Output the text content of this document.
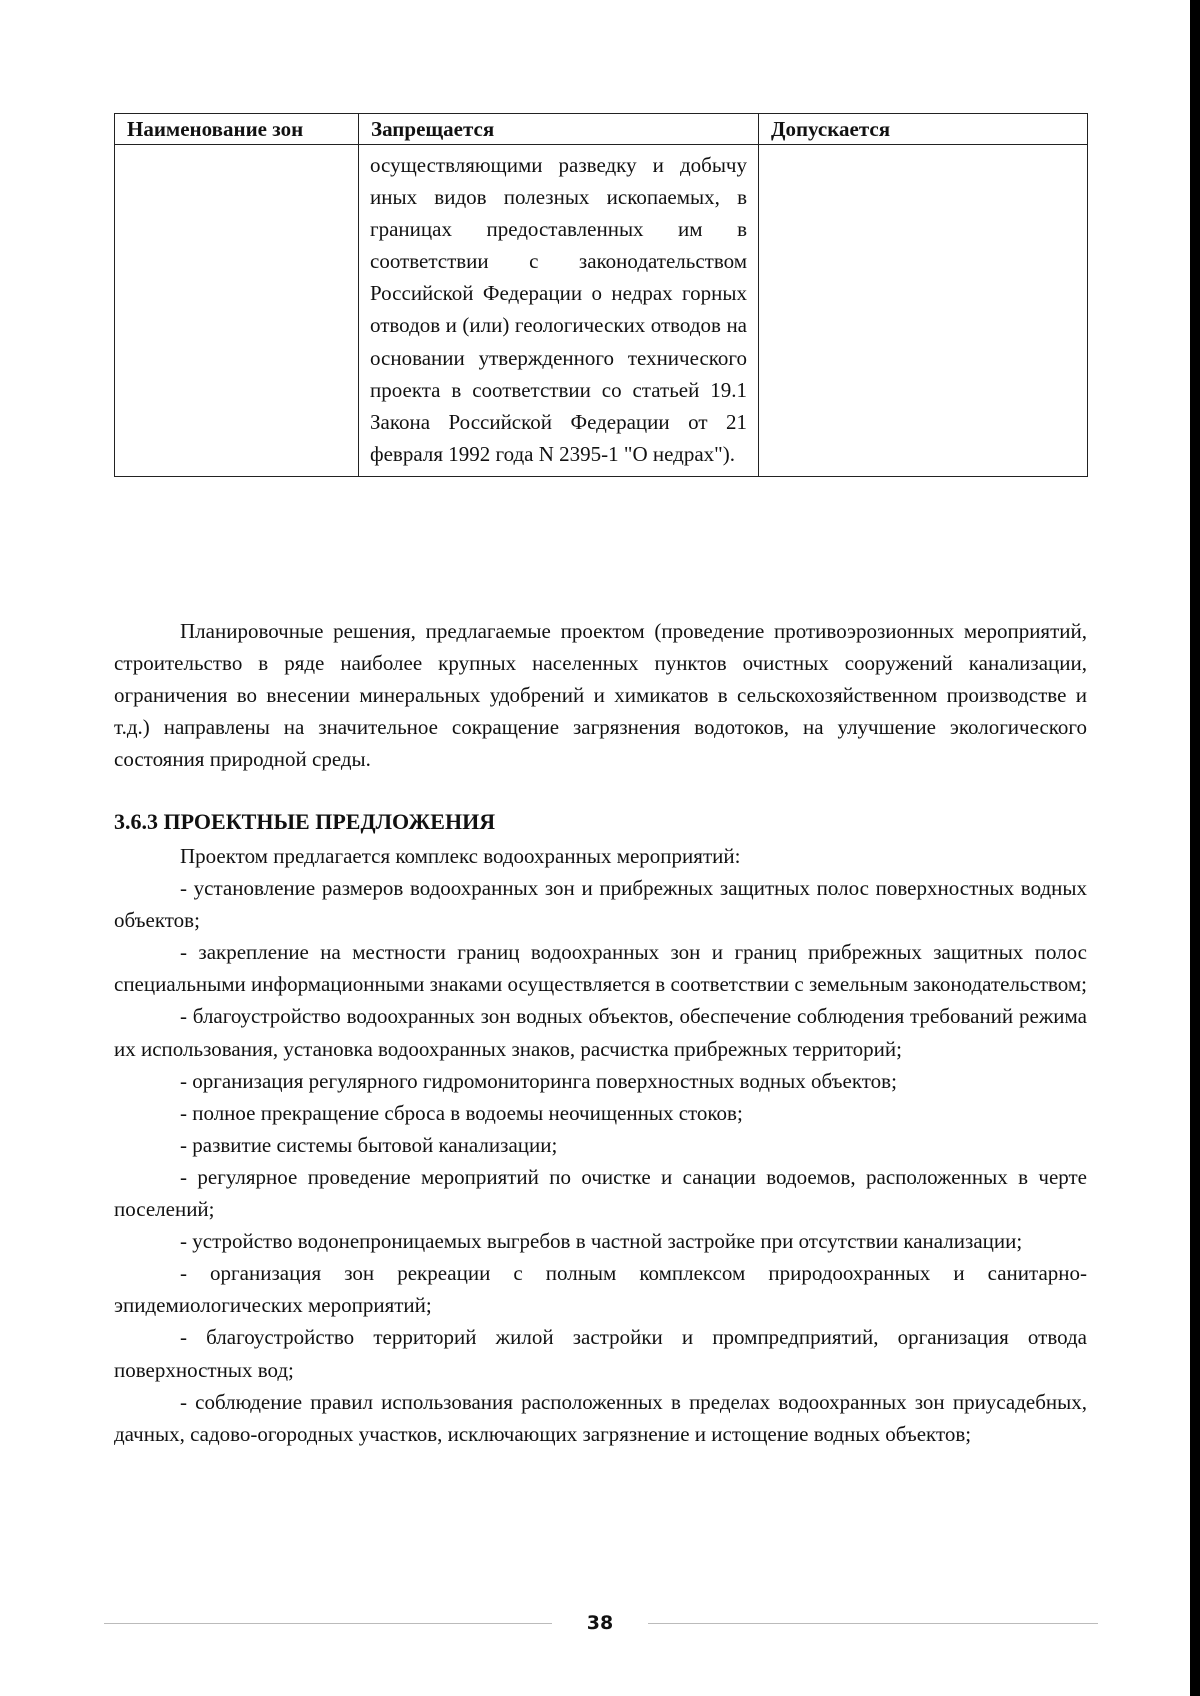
Наименование зон	Запрещается	Допускается

	осуществляющими разведку и добычу иных видов полезных ископаемых, в границах предоставленных им в соответствии с законодательством Российской Федерации о недрах горных отводов и (или) геологических отводов на основании утвержденного технического проекта в соответствии со статьей 19.1 Закона Российской Федерации от 21 февраля 1992 года N 2395-1 "О недрах").	

Планировочные решения, предлагаемые проектом (проведение противоэрозионных мероприятий, строительство в ряде наиболее крупных населенных пунктов очистных сооружений канализации, ограничения во внесении минеральных удобрений и химикатов в сельскохозяйственном производстве и т.д.) направлены на значительное сокращение загрязнения водотоков, на улучшение экологического состояния природной среды.

3.6.3 ПРОЕКТНЫЕ ПРЕДЛОЖЕНИЯ

Проектом предлагается комплекс водоохранных мероприятий:

- установление размеров водоохранных зон и прибрежных защитных полос поверхностных водных объектов;

- закрепление на местности границ водоохранных зон и границ прибрежных защитных полос специальными информационными знаками осуществляется в соответствии с земельным законодательством;

- благоустройство водоохранных зон водных объектов, обеспечение соблюдения требований режима их использования, установка водоохранных знаков, расчистка прибрежных территорий;

- организация регулярного гидромониторинга поверхностных водных объектов;

- полное прекращение сброса в водоемы неочищенных стоков;

- развитие системы бытовой канализации;

- регулярное проведение мероприятий по очистке и санации водоемов, расположенных в черте поселений;

- устройство водонепроницаемых выгребов в частной застройке при отсутствии канализации;

- организация зон рекреации с полным комплексом природоохранных и санитарно-эпидемиологических мероприятий;

- благоустройство территорий жилой застройки и промпредприятий, организация отвода поверхностных вод;

- соблюдение правил использования расположенных в пределах водоохранных зон приусадебных, дачных, садово-огородных участков, исключающих загрязнение и истощение водных объектов;

38
